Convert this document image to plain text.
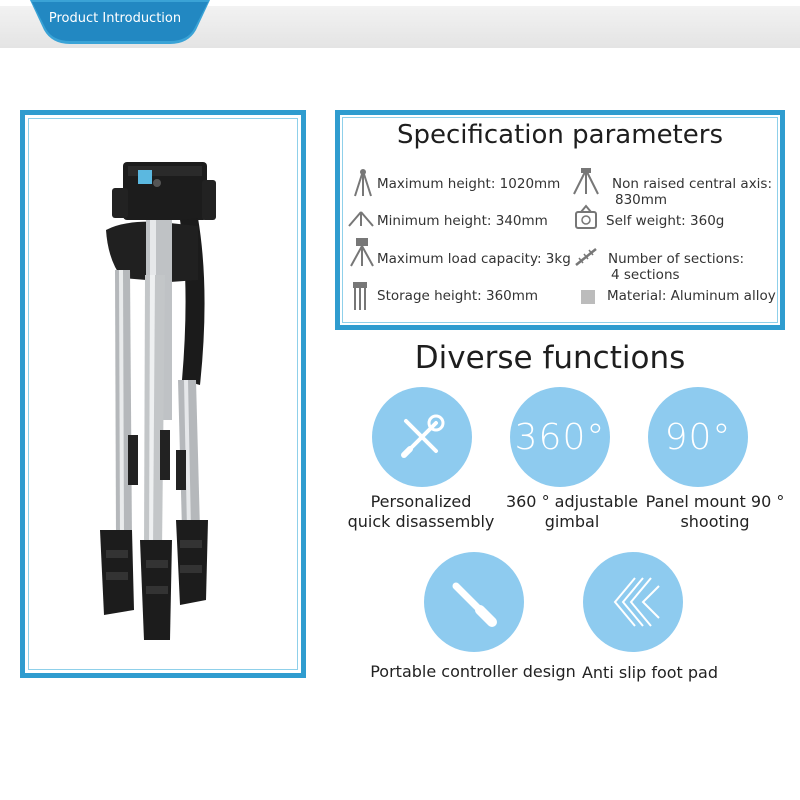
Product Introduction
Specification parameters
Maximum height: 1020mm	Non raised central axis:
830mm
Minimum height: 340mm	Self weight: 360g
Maximum load capacity: 3kg	Number of sections:
4 sections
Storage height: 360mm	Material: Aluminum alloy
Diverse functions
360° 90°
Personalized
quick disassembly
360 ° adjustable
gimbal
Panel mount 90 °
shooting
Portable controller design Anti slip foot pad
